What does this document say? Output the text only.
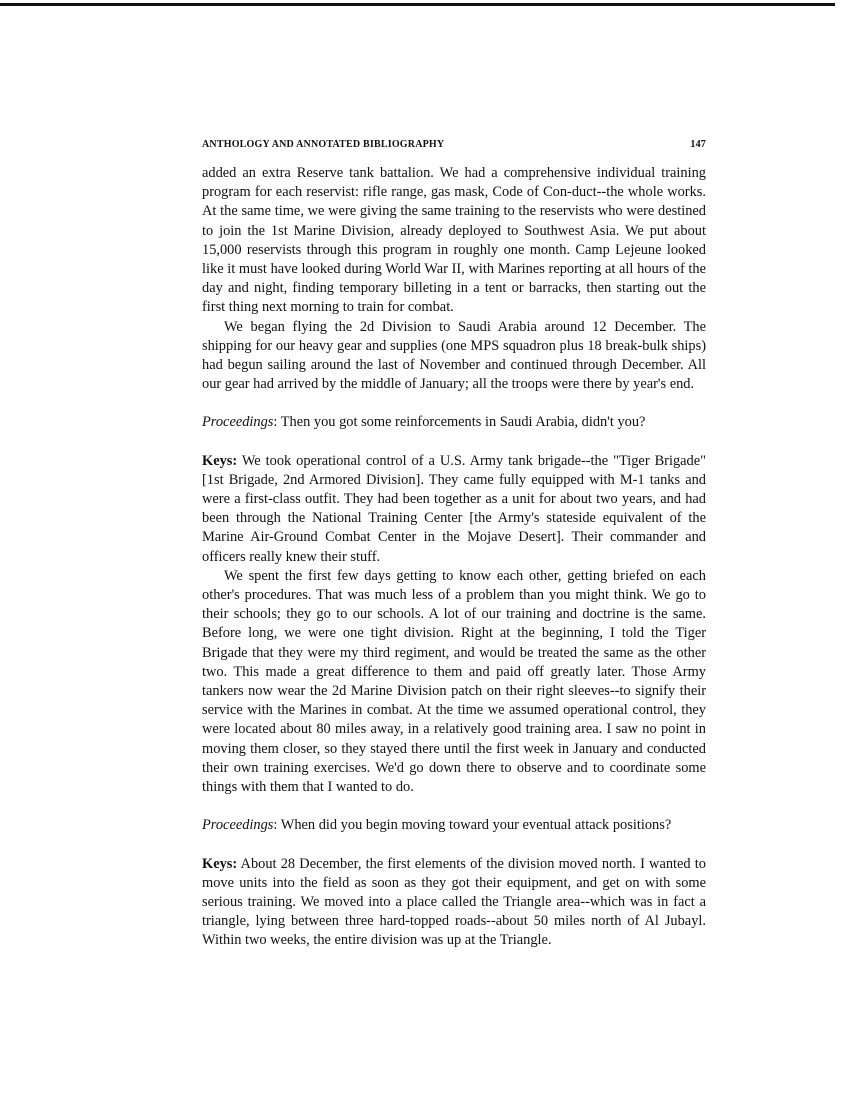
ANTHOLOGY AND ANNOTATED BIBLIOGRAPHY	147

added an extra Reserve tank battalion. We had a comprehensive individual training program for each reservist: rifle range, gas mask, Code of Con-duct--the whole works. At the same time, we were giving the same training to the reservists who were destined to join the 1st Marine Division, already deployed to Southwest Asia. We put about 15,000 reservists through this program in roughly one month. Camp Lejeune looked like it must have looked during World War II, with Marines reporting at all hours of the day and night, finding temporary billeting in a tent or barracks, then starting out the first thing next morning to train for combat.

We began flying the 2d Division to Saudi Arabia around 12 December. The shipping for our heavy gear and supplies (one MPS squadron plus 18 break-bulk ships) had begun sailing around the last of November and continued through December. All our gear had arrived by the middle of January; all the troops were there by year's end.

Proceedings: Then you got some reinforcements in Saudi Arabia, didn't you?

Keys: We took operational control of a U.S. Army tank brigade--the "Tiger Brigade" [1st Brigade, 2nd Armored Division]. They came fully equipped with M-1 tanks and were a first-class outfit. They had been together as a unit for about two years, and had been through the National Training Center [the Army's stateside equivalent of the Marine Air-Ground Combat Center in the Mojave Desert]. Their commander and officers really knew their stuff.

We spent the first few days getting to know each other, getting briefed on each other's procedures. That was much less of a problem than you might think. We go to their schools; they go to our schools. A lot of our training and doctrine is the same. Before long, we were one tight division. Right at the beginning, I told the Tiger Brigade that they were my third regiment, and would be treated the same as the other two. This made a great difference to them and paid off greatly later. Those Army tankers now wear the 2d Marine Division patch on their right sleeves--to signify their service with the Marines in combat. At the time we assumed operational control, they were located about 80 miles away, in a relatively good training area. I saw no point in moving them closer, so they stayed there until the first week in January and conducted their own training exercises. We'd go down there to observe and to coordinate some things with them that I wanted to do.

Proceedings: When did you begin moving toward your eventual attack positions?

Keys: About 28 December, the first elements of the division moved north. I wanted to move units into the field as soon as they got their equipment, and get on with some serious training. We moved into a place called the Triangle area--which was in fact a triangle, lying between three hard-topped roads--about 50 miles north of Al Jubayl. Within two weeks, the entire division was up at the Triangle.
